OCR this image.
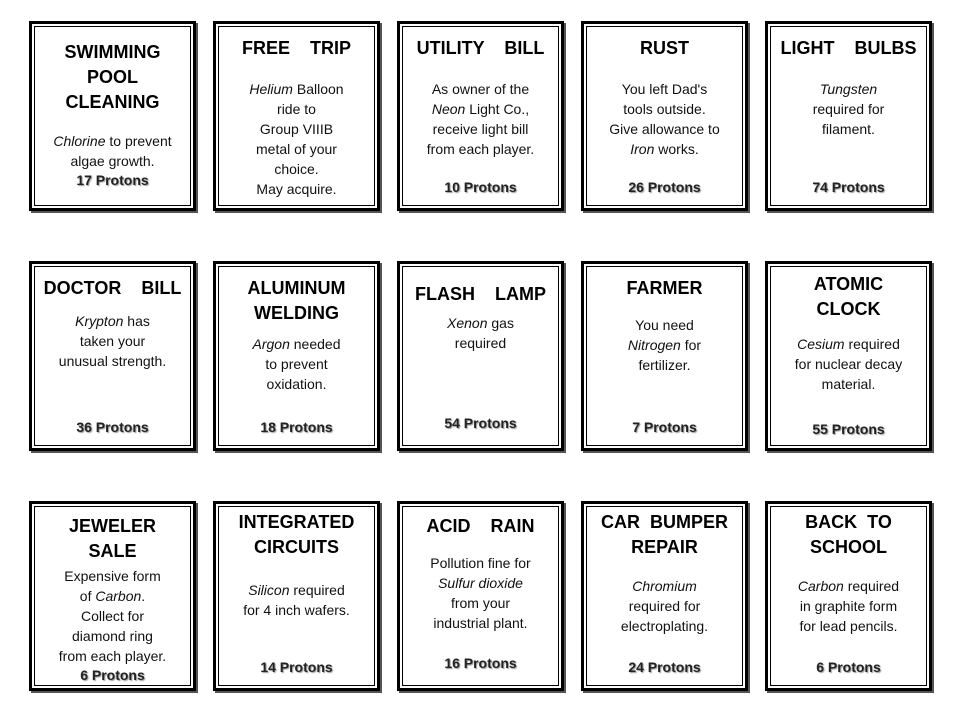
SWIMMING POOL CLEANING
Chlorine to prevent
algae growth.
17 Protons
FREE  TRIP
Helium Balloon
ride to
Group VIIIB
metal of your
choice.
May acquire.
UTILITY  BILL
As owner of the
Neon Light Co.,
receive light bill
from each player.
10 Protons
RUST
You left Dad's
tools outside.
Give allowance to
Iron works.
26 Protons
LIGHT  BULBS
Tungsten
required for
filament.
74 Protons
DOCTOR  BILL
Krypton has
taken your
unusual strength.
36 Protons
ALUMINUM WELDING
Argon needed
to prevent
oxidation.
18 Protons
FLASH  LAMP
Xenon gas
required
54 Protons
FARMER
You need
Nitrogen for
fertilizer.
7 Protons
ATOMIC CLOCK
Cesium required
for nuclear decay
material.
55 Protons
JEWELER SALE
Expensive form
of Carbon.
Collect for
diamond ring
from each player.
6 Protons
INTEGRATED CIRCUITS
Silicon required
for 4 inch wafers.
14 Protons
ACID  RAIN
Pollution fine for
Sulfur dioxide
from your
industrial plant.
16 Protons
CAR BUMPER REPAIR
Chromium
required for
electroplating.
24 Protons
BACK TO SCHOOL
Carbon required
in graphite form
for lead pencils.
6 Protons
